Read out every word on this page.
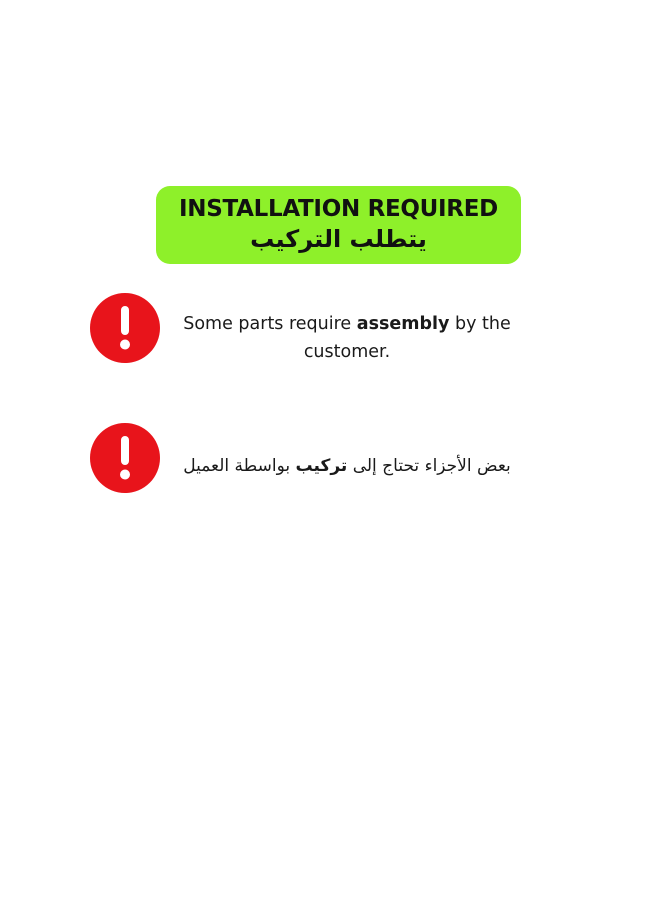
INSTALLATION REQUIRED
يتطلب التركيب
Some parts require assembly by the customer.
بعض الأجزاء تحتاج إلى تركيب بواسطة العميل
